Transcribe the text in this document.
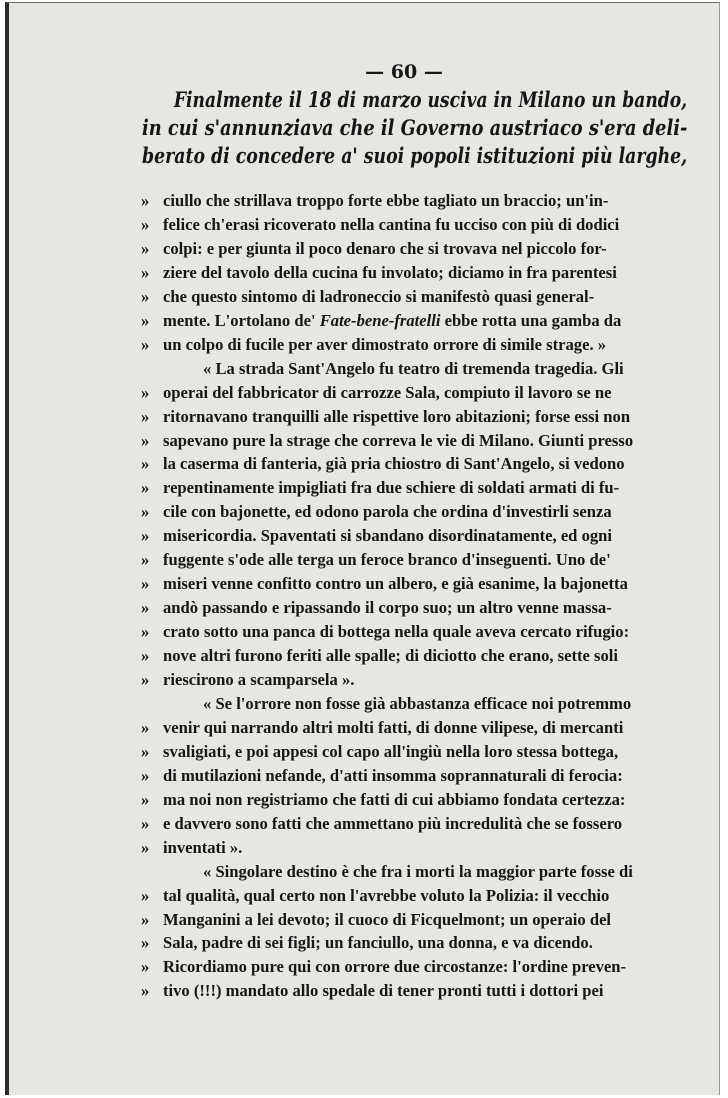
— 60 —
Finalmente il 18 di marzo usciva in Milano un bando,
in cui s'annunziava che il Governo austriaco s'era deli-
berato di concedere a' suoi popoli istituzioni più larghe,
» ciullo che strillava troppo forte ebbe tagliato un braccio; un'in-
» felice ch'erasi ricoverato nella cantina fu ucciso con più di dodici
» colpi: e per giunta il poco denaro che si trovava nel piccolo for-
» ziere del tavolo della cucina fu involato; diciamo in fra parentesi
» che questo sintomo di ladroneccio si manifestò quasi general-
» mente. L'ortolano de' Fate-bene-fratelli ebbe rotta una gamba da
» un colpo di fucile per aver dimostrato orrore di simile strage. »
« La strada Sant'Angelo fu teatro di tremenda tragedia. Gli
» operai del fabbricator di carrozze Sala, compiuto il lavoro se ne
» ritornavano tranquilli alle rispettive loro abitazioni; forse essi non
» sapevano pure la strage che correva le vie di Milano. Giunti presso
» la caserma di fanteria, già pria chiostro di Sant'Angelo, si vedono
» repentinamente impigliati fra due schiere di soldati armati di fu-
» cile con bajonette, ed odono parola che ordina d'investirli senza
» misericordia. Spaventati si sbandano disordinatamente, ed ogni
» fuggente s'ode alle terga un feroce branco d'inseguenti. Uno de'
» miseri venne confitto contro un albero, e già esanime, la bajonetta
» andò passando e ripassando il corpo suo; un altro venne massa-
» crato sotto una panca di bottega nella quale aveva cercato rifugio:
» nove altri furono feriti alle spalle; di diciotto che erano, sette soli
» riescirono a scamparsela ».
« Se l'orrore non fosse già abbastanza efficace noi potremmo
» venir qui narrando altri molti fatti, di donne vilipese, di mercanti
» svaligiati, e poi appesi col capo all'ingiù nella loro stessa bottega,
» di mutilazioni nefande, d'atti insomma soprannaturali di ferocia:
» ma noi non registriamo che fatti di cui abbiamo fondata certezza:
» e davvero sono fatti che ammettano più incredulità che se fossero
» inventati ».
« Singolare destino è che fra i morti la maggior parte fosse di
» tal qualità, qual certo non l'avrebbe voluto la Polizia: il vecchio
» Manganini a lei devoto; il cuoco di Ficquelmont; un operaio del
» Sala, padre di sei figli; un fanciullo, una donna, e va dicendo.
» Ricordiamo pure qui con orrore due circostanze: l'ordine preven-
» tivo (!!!) mandato allo spedale di tener pronti tutti i dottori pei
